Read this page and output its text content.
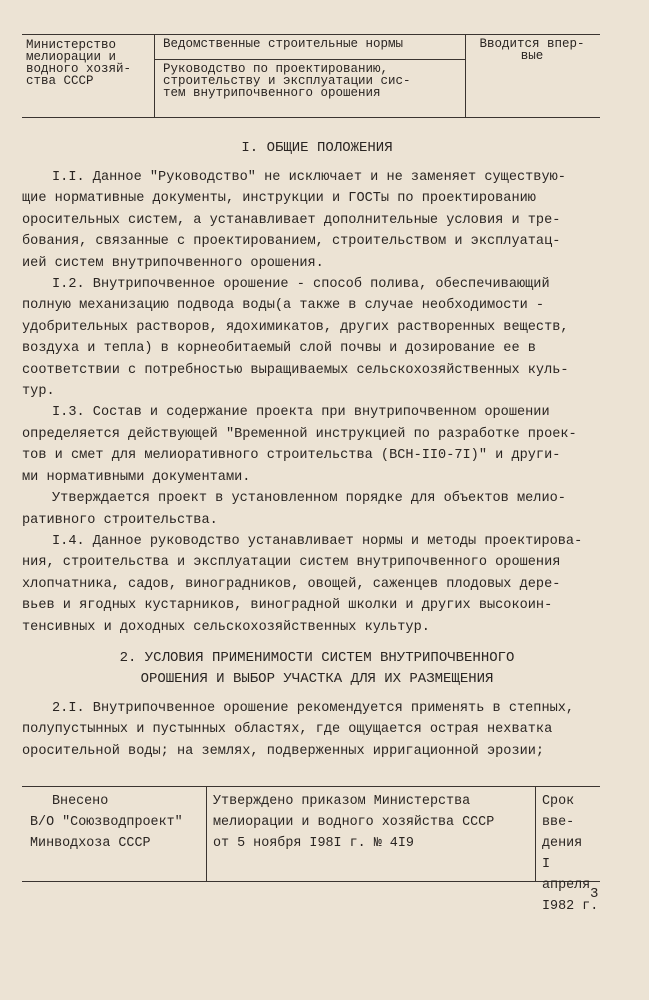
Министерство
мелиорации и
водного хозяй-
ства СССР
Ведомственные строительные нормы
Руководство по проектированию,
строительству и эксплуатации сис-
тем внутрипочвенного орошения
Вводится впер-
вые

I. ОБЩИЕ ПОЛОЖЕНИЯ

I.I. Данное "Руководство" не исключает и не заменяет существую-

щие нормативные документы, инструкции и ГОСТы по проектированию

оросительных систем, а устанавливает дополнительные условия и тре-

бования, связанные с проектированием, строительством и эксплуатац-

ией систем внутрипочвенного орошения.

I.2. Внутрипочвенное орошение - способ полива, обеспечивающий

полную механизацию подвода воды(а также в случае необходимости -

удобрительных растворов, ядохимикатов, других растворенных веществ,

воздуха и тепла) в корнеобитаемый слой почвы и дозирование ее в

соответствии с потребностью выращиваемых сельскохозяйственных куль-

тур.

I.3. Состав и содержание проекта при внутрипочвенном орошении

определяется действующей "Временной инструкцией по разработке проек-

тов и смет для мелиоративного строительства (ВСН-II0-7I)" и други-

ми нормативными документами.

Утверждается проект в установленном порядке для объектов мелио-

ративного строительства.

I.4. Данное руководство устанавливает нормы и методы проектирова-

ния, строительства и эксплуатации систем внутрипочвенного орошения

хлопчатника, садов, виноградников, овощей, саженцев плодовых дере-

вьев и ягодных кустарников, виноградной школки и других высокоин-

тенсивных и доходных сельскохозяйственных культур.

2. УСЛОВИЯ ПРИМЕНИМОСТИ СИСТЕМ ВНУТРИПОЧВЕННОГО

ОРОШЕНИЯ И ВЫБОР УЧАСТКА ДЛЯ ИХ РАЗМЕЩЕНИЯ

2.I. Внутрипочвенное орошение рекомендуется применять в степных,

полупустынных и пустынных областях, где ощущается острая нехватка

оросительной воды; на землях, подверженных ирригационной эрозии;

Внесено
В/О "Союзводпроект"
Минводхоза СССР
Утверждено приказом Министерства
мелиорации и водного хозяйства СССР
от 5 ноября I98I г. № 4I9
Срок вве-
дения
I апреля
I982 г.
3
